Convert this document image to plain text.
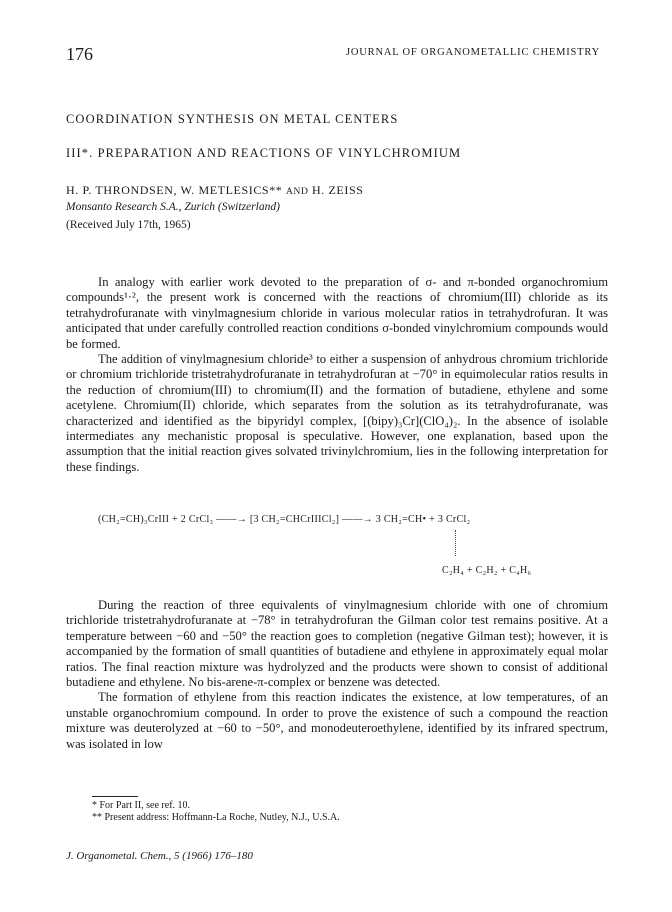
176	JOURNAL OF ORGANOMETALLIC CHEMISTRY
COORDINATION SYNTHESIS ON METAL CENTERS
III*. PREPARATION AND REACTIONS OF VINYLCHROMIUM
H. P. THRONDSEN, W. METLESICS** AND H. ZEISS
Monsanto Research S.A., Zurich (Switzerland)
(Received July 17th, 1965)

In analogy with earlier work devoted to the preparation of σ- and π-bonded organochromium compounds¹·², the present work is concerned with the reactions of chromium(III) chloride as its tetrahydrofuranate with vinylmagnesium chloride in various molecular ratios in tetrahydrofuran. It was anticipated that under carefully controlled reaction conditions σ-bonded vinylchromium compounds would be formed.

The addition of vinylmagnesium chloride³ to either a suspension of anhydrous chromium trichloride or chromium trichloride tristetrahydrofuranate in tetrahydrofuran at −70° in equimolecular ratios results in the reduction of chromium(III) to chromium(II) and the formation of butadiene, ethylene and some acetylene. Chromium(II) chloride, which separates from the solution as its tetrahydrofuranate, was characterized and identified as the bipyridyl complex, [(bipy)₃Cr](ClO₄)₂. In the absence of isolable intermediates any mechanistic proposal is speculative. However, one explanation, based upon the assumption that the initial reaction gives solvated trivinylchromium, lies in the following interpretation for these findings.

(CH₂=CH)₃CrIII + 2 CrCl₃ ——→ [3 CH₂=CHCrIIICl₂] ——→ 3 CH₂=CH• + 3 CrCl₂
C₂H₄ + C₂H₂ + C₄H₆

During the reaction of three equivalents of vinylmagnesium chloride with one of chromium trichloride tristetrahydrofuranate at −78° in tetrahydrofuran the Gilman color test remains positive. At a temperature between −60 and −50° the reaction goes to completion (negative Gilman test); however, it is accompanied by the formation of small quantities of butadiene and ethylene in approximately equal molar ratios. The final reaction mixture was hydrolyzed and the products were shown to consist of additional butadiene and ethylene. No bis-arene-π-complex or benzene was detected.

The formation of ethylene from this reaction indicates the existence, at low temperatures, of an unstable organochromium compound. In order to prove the existence of such a compound the reaction mixture was deuterolyzed at −60 to −50°, and monodeuteroethylene, identified by its infrared spectrum, was isolated in low

* For Part II, see ref. 10.
** Present address: Hoffmann-La Roche, Nutley, N.J., U.S.A.
J. Organometal. Chem., 5 (1966) 176–180
